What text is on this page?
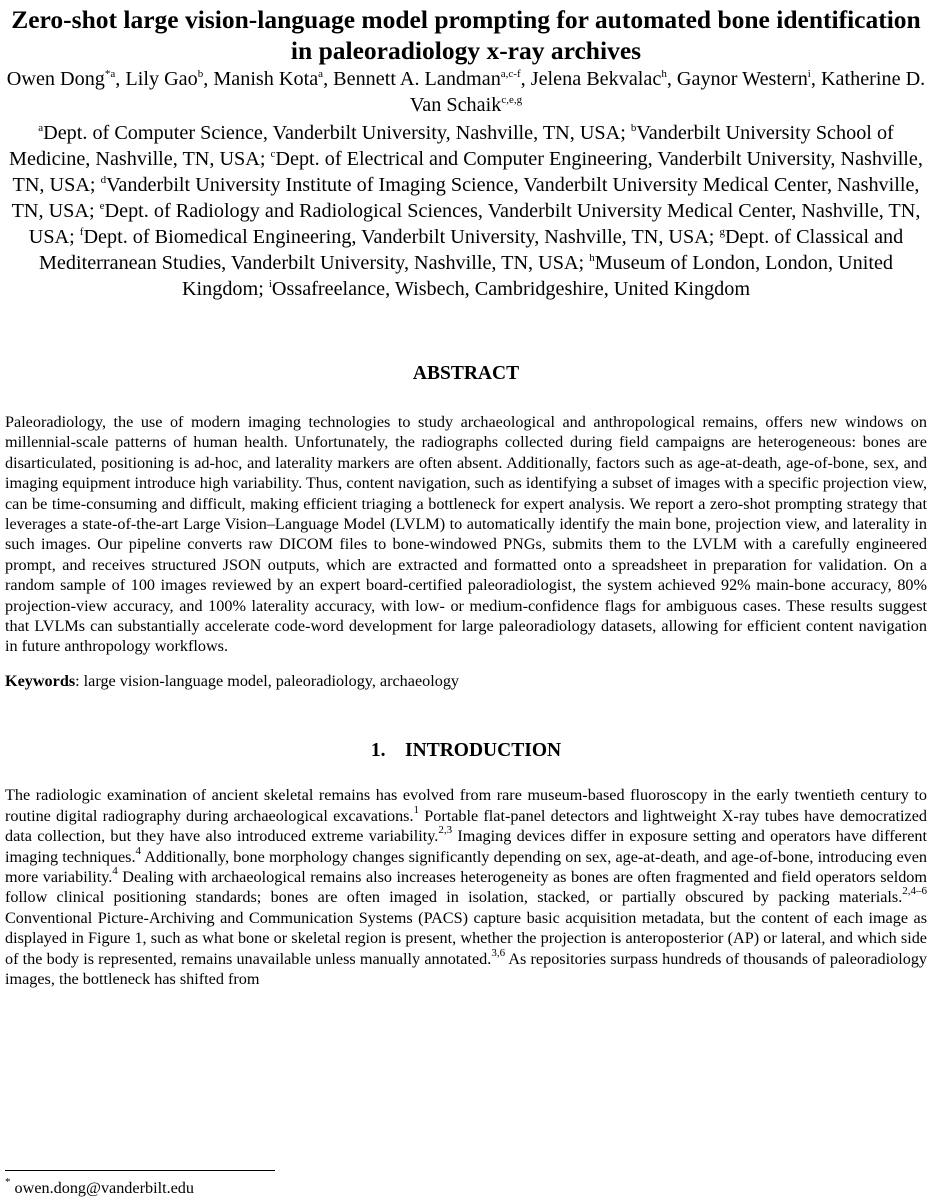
Zero-shot large vision-language model prompting for automated bone identification in paleoradiology x-ray archives

Owen Dong$^{*a}$, Lily Gao$^b$, Manish Kota$^a$, Bennett A. Landman$^{a,c-f}$, Jelena Bekvalac$^h$, Gaynor Western$^i$, Katherine D. Van Schaik$^{c,e,g}$

$^a$Dept. of Computer Science, Vanderbilt University, Nashville, TN, USA; $^b$Vanderbilt University School of Medicine, Nashville, TN, USA; $^c$Dept. of Electrical and Computer Engineering, Vanderbilt University, Nashville, TN, USA; $^d$Vanderbilt University Institute of Imaging Science, Vanderbilt University Medical Center, Nashville, TN, USA; $^e$Dept. of Radiology and Radiological Sciences, Vanderbilt University Medical Center, Nashville, TN, USA; $^f$Dept. of Biomedical Engineering, Vanderbilt University, Nashville, TN, USA; $^g$Dept. of Classical and Mediterranean Studies, Vanderbilt University, Nashville, TN, USA; $^h$Museum of London, London, United Kingdom; $^i$Ossafreelance, Wisbech, Cambridgeshire, United Kingdom

ABSTRACT

Paleoradiology, the use of modern imaging technologies to study archaeological and anthropological remains, offers new windows on millennial-scale patterns of human health. Unfortunately, the radiographs collected during field campaigns are heterogeneous: bones are disarticulated, positioning is ad-hoc, and laterality markers are often absent. Additionally, factors such as age-at-death, age-of-bone, sex, and imaging equipment introduce high variability. Thus, content navigation, such as identifying a subset of images with a specific projection view, can be time-consuming and difficult, making efficient triaging a bottleneck for expert analysis. We report a zero-shot prompting strategy that leverages a state-of-the-art Large Vision–Language Model (LVLM) to automatically identify the main bone, projection view, and laterality in such images. Our pipeline converts raw DICOM files to bone-windowed PNGs, submits them to the LVLM with a carefully engineered prompt, and receives structured JSON outputs, which are extracted and formatted onto a spreadsheet in preparation for validation. On a random sample of 100 images reviewed by an expert board-certified paleoradiologist, the system achieved 92% main-bone accuracy, 80% projection-view accuracy, and 100% laterality accuracy, with low- or medium-confidence flags for ambiguous cases. These results suggest that LVLMs can substantially accelerate code-word development for large paleoradiology datasets, allowing for efficient content navigation in future anthropology workflows.

Keywords: large vision-language model, paleoradiology, archaeology

1.    INTRODUCTION

The radiologic examination of ancient skeletal remains has evolved from rare museum-based fluoroscopy in the early twentieth century to routine digital radiography during archaeological excavations.$^1$ Portable flat-panel detectors and lightweight X-ray tubes have democratized data collection, but they have also introduced extreme variability.$^{2,3}$ Imaging devices differ in exposure setting and operators have different imaging techniques.$^4$ Additionally, bone morphology changes significantly depending on sex, age-at-death, and age-of-bone, introducing even more variability.$^4$ Dealing with archaeological remains also increases heterogeneity as bones are often fragmented and field operators seldom follow clinical positioning standards; bones are often imaged in isolation, stacked, or partially obscured by packing materials.$^{2,4-6}$ Conventional Picture-Archiving and Communication Systems (PACS) capture basic acquisition metadata, but the content of each image as displayed in Figure 1, such as what bone or skeletal region is present, whether the projection is anteroposterior (AP) or lateral, and which side of the body is represented, remains unavailable unless manually annotated.$^{3,6}$ As repositories surpass hundreds of thousands of paleoradiology images, the bottleneck has shifted from

* owen.dong@vanderbilt.edu
